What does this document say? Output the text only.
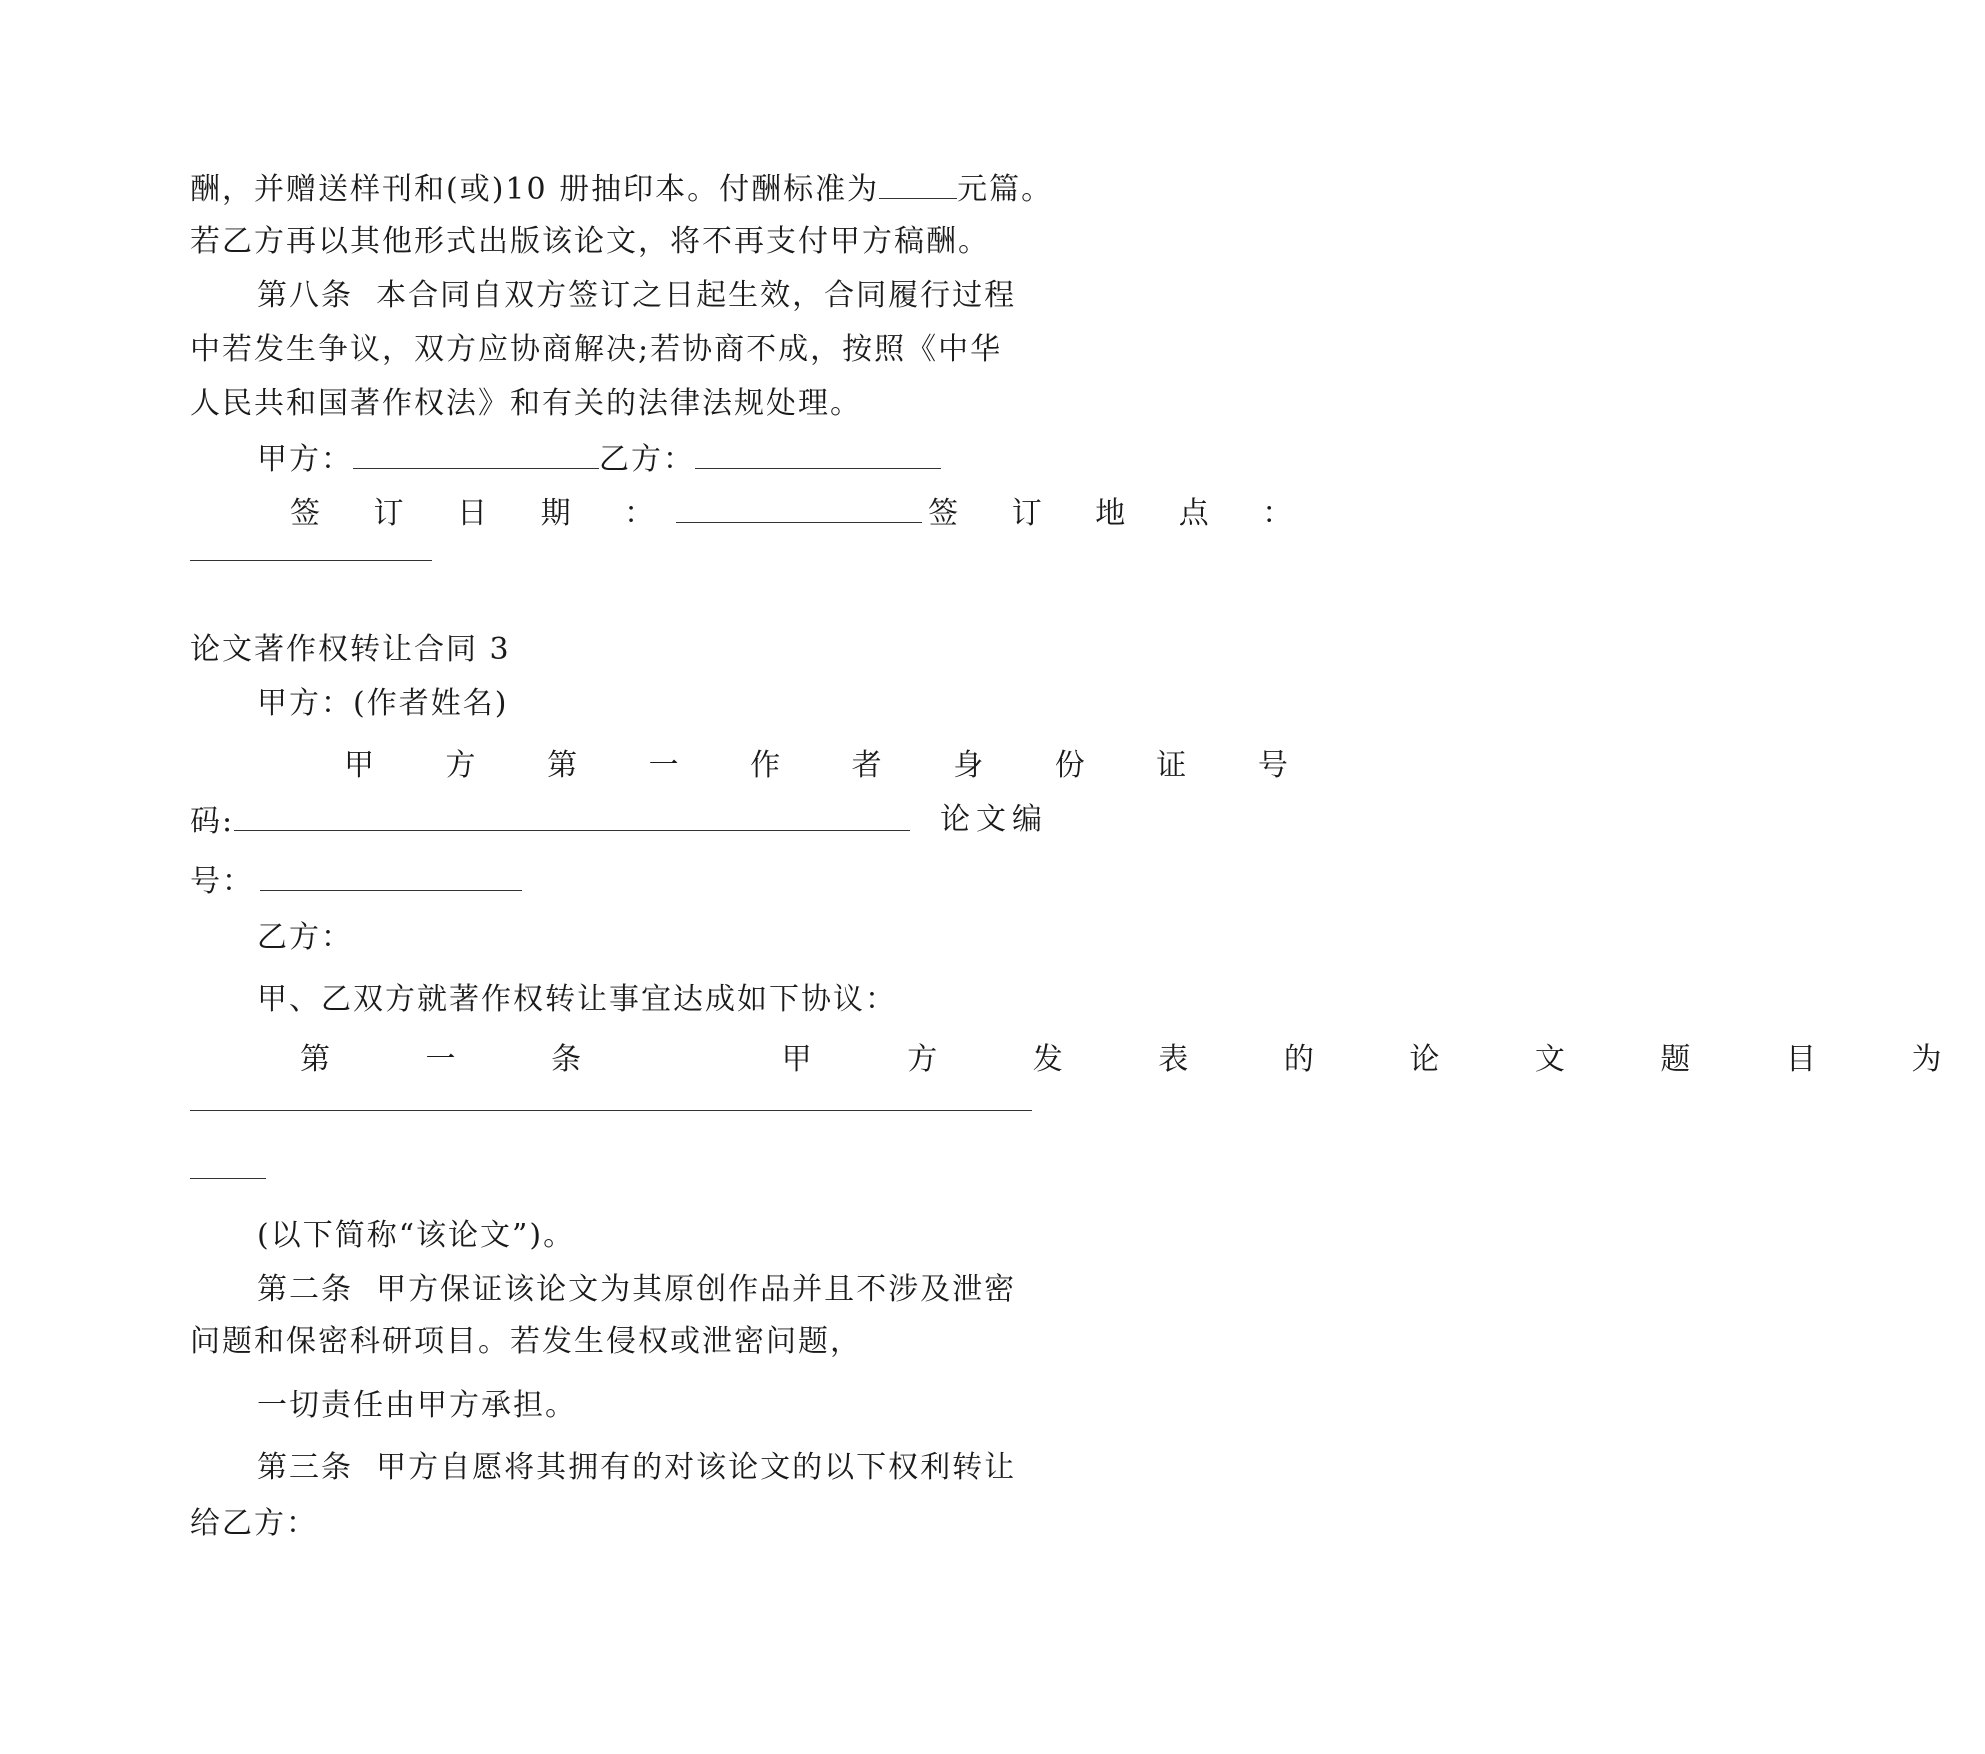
酬，并赠送样刊和(或)10 册抽印本。付酬标准为	元篇。
若乙方再以其他形式出版该论文，将不再支付甲方稿酬。
第八条  本合同自双方签订之日起生效，合同履行过程
中若发生争议，双方应协商解决;若协商不成，按照《中华
人民共和国著作权法》和有关的法律法规处理。
甲方：	乙方：
签 订 日 期 ：	签 订 地 点 ：
论文著作权转让合同 3
甲方：(作者姓名)
甲 方 第 一 作 者 身 份 证 号
码:	论文编
号：
乙方：
甲、乙双方就著作权转让事宜达成如下协议：
第 一 条   甲 方 发 表 的 论 文 题 目 为
(以下简称“该论文”)。
第二条  甲方保证该论文为其原创作品并且不涉及泄密
问题和保密科研项目。若发生侵权或泄密问题，
一切责任由甲方承担。
第三条  甲方自愿将其拥有的对该论文的以下权利转让
给乙方：
